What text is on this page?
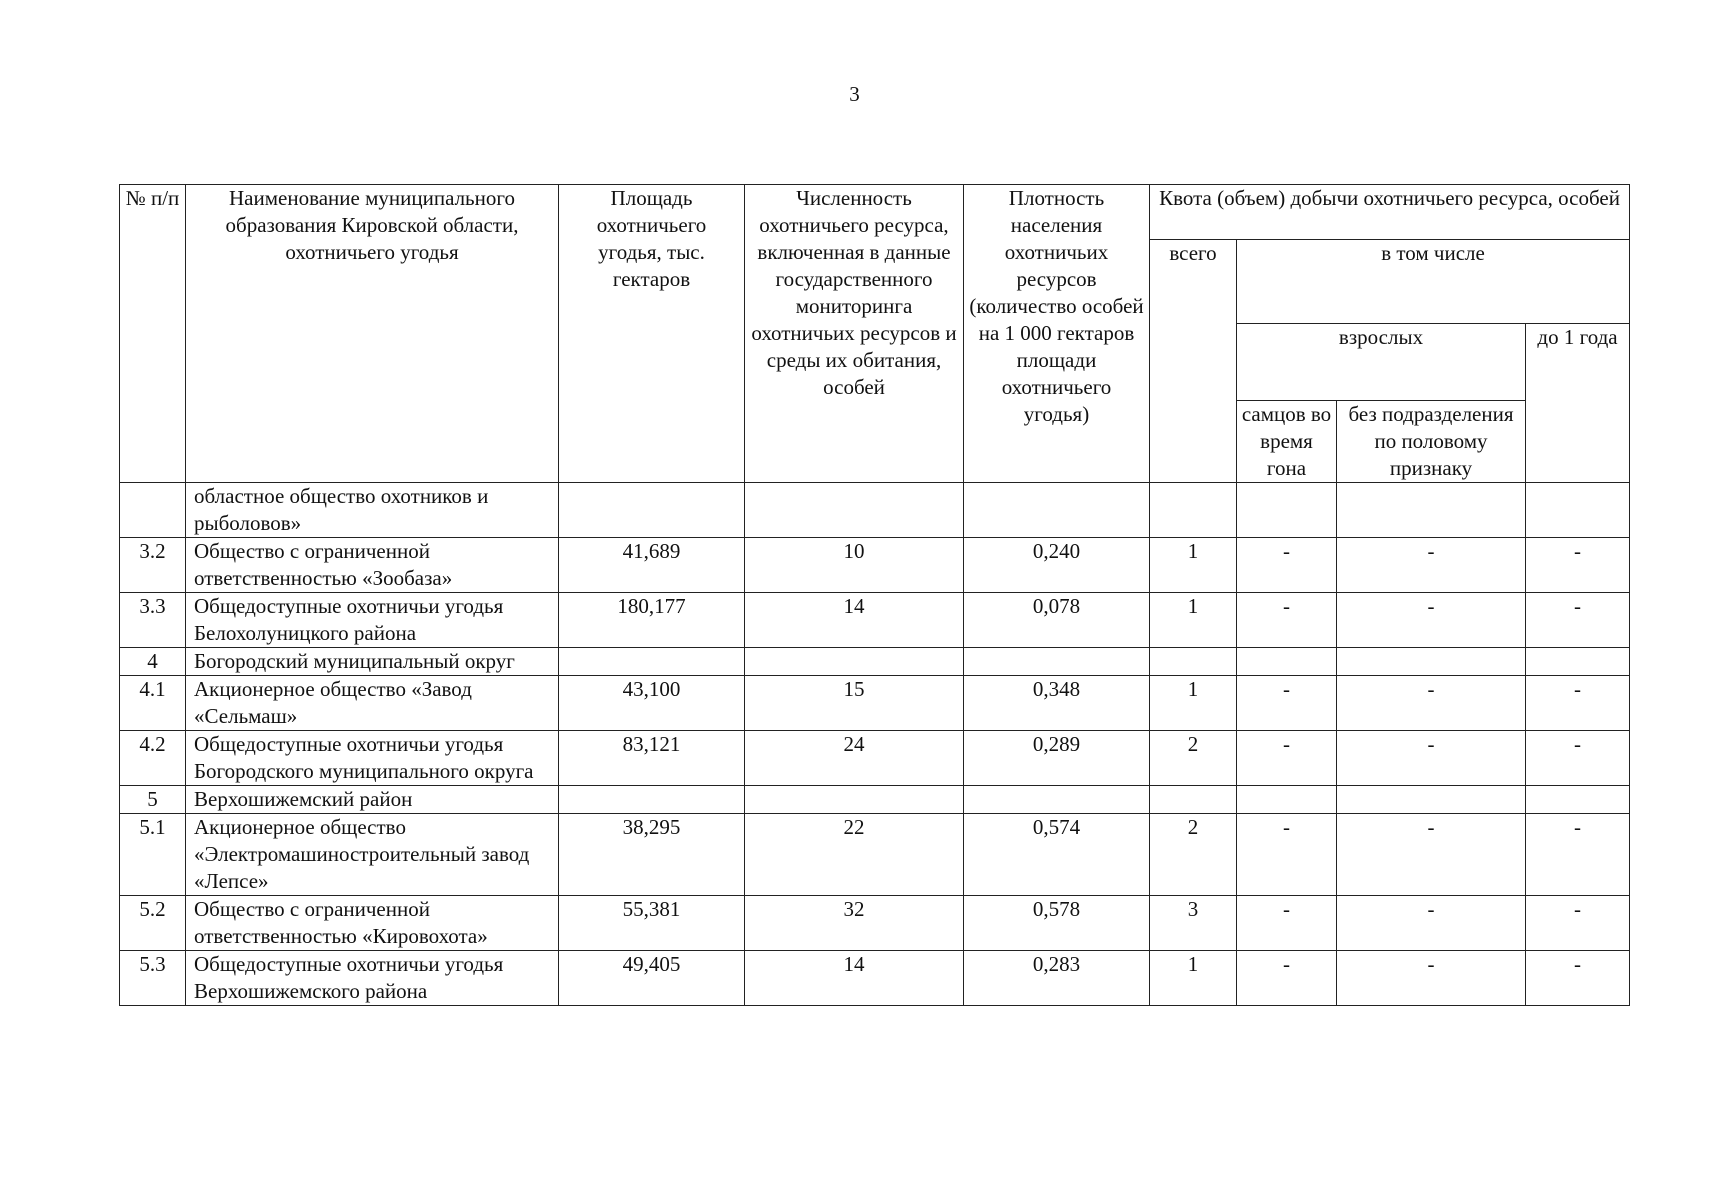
3
№ п/п	Наименование муниципального образования Кировской области, охотничьего угодья	Площадь охотничьего угодья, тыс. гектаров	Численность охотничьего ресурса, включенная в данные государственного мониторинга охотничьих ресурсов и среды их обитания, особей	Плотность населения охотничьих ресурсов (количество особей на 1 000 гектаров площади охотничьего угодья)	Квота (объем) добычи охотничьего ресурса, особей			
					всего	в том числе		
						взрослых		до 1 года
						самцов во время гона	без подразделения по половому признаку	
	областное общество охотников и рыболовов»							
3.2	Общество с ограниченной ответственностью «Зообаза»	41,689	10	0,240	1	-	-	-
3.3	Общедоступные охотничьи угодья Белохолуницкого района	180,177	14	0,078	1	-	-	-
4	Богородский муниципальный округ							
4.1	Акционерное общество «Завод «Сельмаш»	43,100	15	0,348	1	-	-	-
4.2	Общедоступные охотничьи угодья Богородского муниципального округа	83,121	24	0,289	2	-	-	-
5	Верхошижемский район							
5.1	Акционерное общество «Электромашиностроительный завод «Лепсе»	38,295	22	0,574	2	-	-	-
5.2	Общество с ограниченной ответственностью «Кировохота»	55,381	32	0,578	3	-	-	-
5.3	Общедоступные охотничьи угодья Верхошижемского района	49,405	14	0,283	1	-	-	-
